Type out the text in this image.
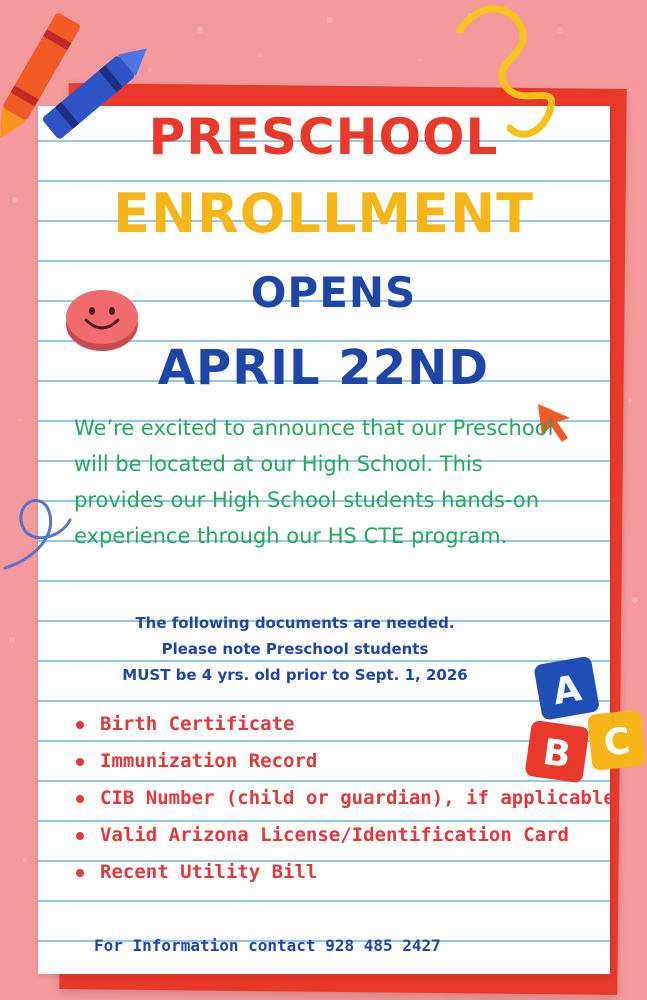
PRESCHOOL
ENROLLMENT
OPENS
APRIL 22ND

We’re excited to announce that our Preschool will be located at our High School. This provides our High School students hands-on experience through our HS CTE program.

The following documents are needed.
Please note Preschool students
MUST be 4 yrs. old prior to Sept. 1, 2026	A
B C
Birth Certificate
Immunization Record
CIB Number (child or guardian), if applicable
Valid Arizona License/Identification Card
Recent Utility Bill

For Information contact 928 485 2427
